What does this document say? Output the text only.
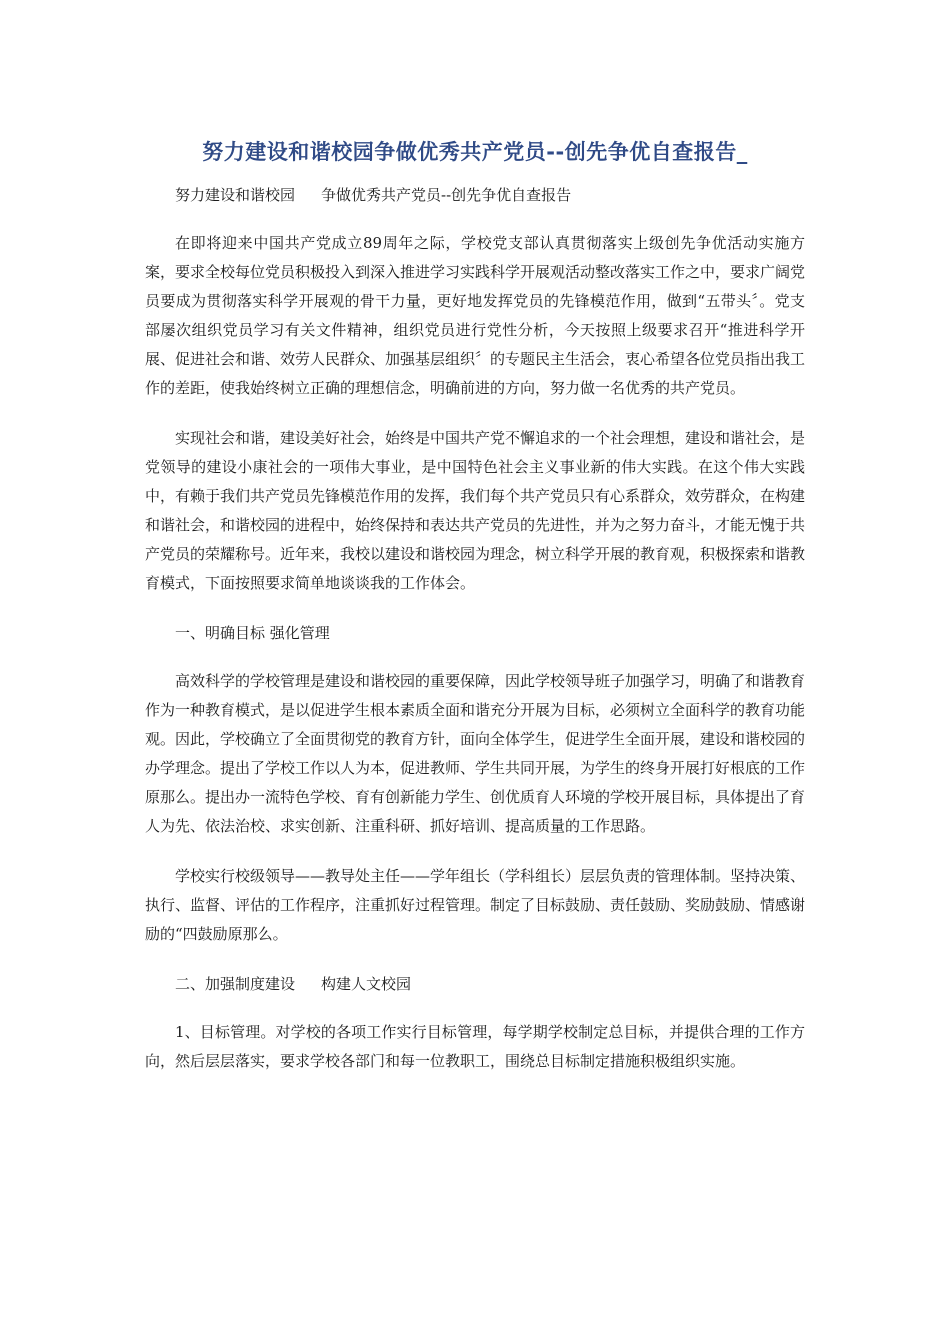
努力建设和谐校园争做优秀共产党员--创先争优自查报告_

努力建设和谐校园 争做优秀共产党员--创先争优自查报告

在即将迎来中国共产党成立89周年之际，学校党支部认真贯彻落实上级创先争优活动实施方案，要求全校每位党员积极投入到深入推进学习实践科学开展观活动整改落实工作之中，要求广阔党员要成为贯彻落实科学开展观的骨干力量，更好地发挥党员的先锋模范作用，做到“五带头〞。党支部屡次组织党员学习有关文件精神，组织党员进行党性分析，今天按照上级要求召开“推进科学开展、促进社会和谐、效劳人民群众、加强基层组织〞的专题民主生活会，衷心希望各位党员指出我工作的差距，使我始终树立正确的理想信念，明确前进的方向，努力做一名优秀的共产党员。

实现社会和谐，建设美好社会，始终是中国共产党不懈追求的一个社会理想，建设和谐社会，是党领导的建设小康社会的一项伟大事业，是中国特色社会主义事业新的伟大实践。在这个伟大实践中，有赖于我们共产党员先锋模范作用的发挥，我们每个共产党员只有心系群众，效劳群众，在构建和谐社会，和谐校园的进程中，始终保持和表达共产党员的先进性，并为之努力奋斗，才能无愧于共产党员的荣耀称号。近年来，我校以建设和谐校园为理念，树立科学开展的教育观，积极探索和谐教育模式，下面按照要求简单地谈谈我的工作体会。

一、明确目标 强化管理

高效科学的学校管理是建设和谐校园的重要保障，因此学校领导班子加强学习，明确了和谐教育作为一种教育模式，是以促进学生根本素质全面和谐充分开展为目标，必须树立全面科学的教育功能观。因此，学校确立了全面贯彻党的教育方针，面向全体学生，促进学生全面开展，建设和谐校园的办学理念。提出了学校工作以人为本，促进教师、学生共同开展，为学生的终身开展打好根底的工作原那么。提出办一流特色学校、育有创新能力学生、创优质育人环境的学校开展目标，具体提出了育人为先、依法治校、求实创新、注重科研、抓好培训、提高质量的工作思路。

学校实行校级领导——教导处主任——学年组长（学科组长）层层负责的管理体制。坚持决策、执行、监督、评估的工作程序，注重抓好过程管理。制定了目标鼓励、责任鼓励、奖励鼓励、情感谢励的“四鼓励原那么。

二、加强制度建设 构建人文校园

1、目标管理。对学校的各项工作实行目标管理，每学期学校制定总目标，并提供合理的工作方向，然后层层落实，要求学校各部门和每一位教职工，围绕总目标制定措施积极组织实施。
